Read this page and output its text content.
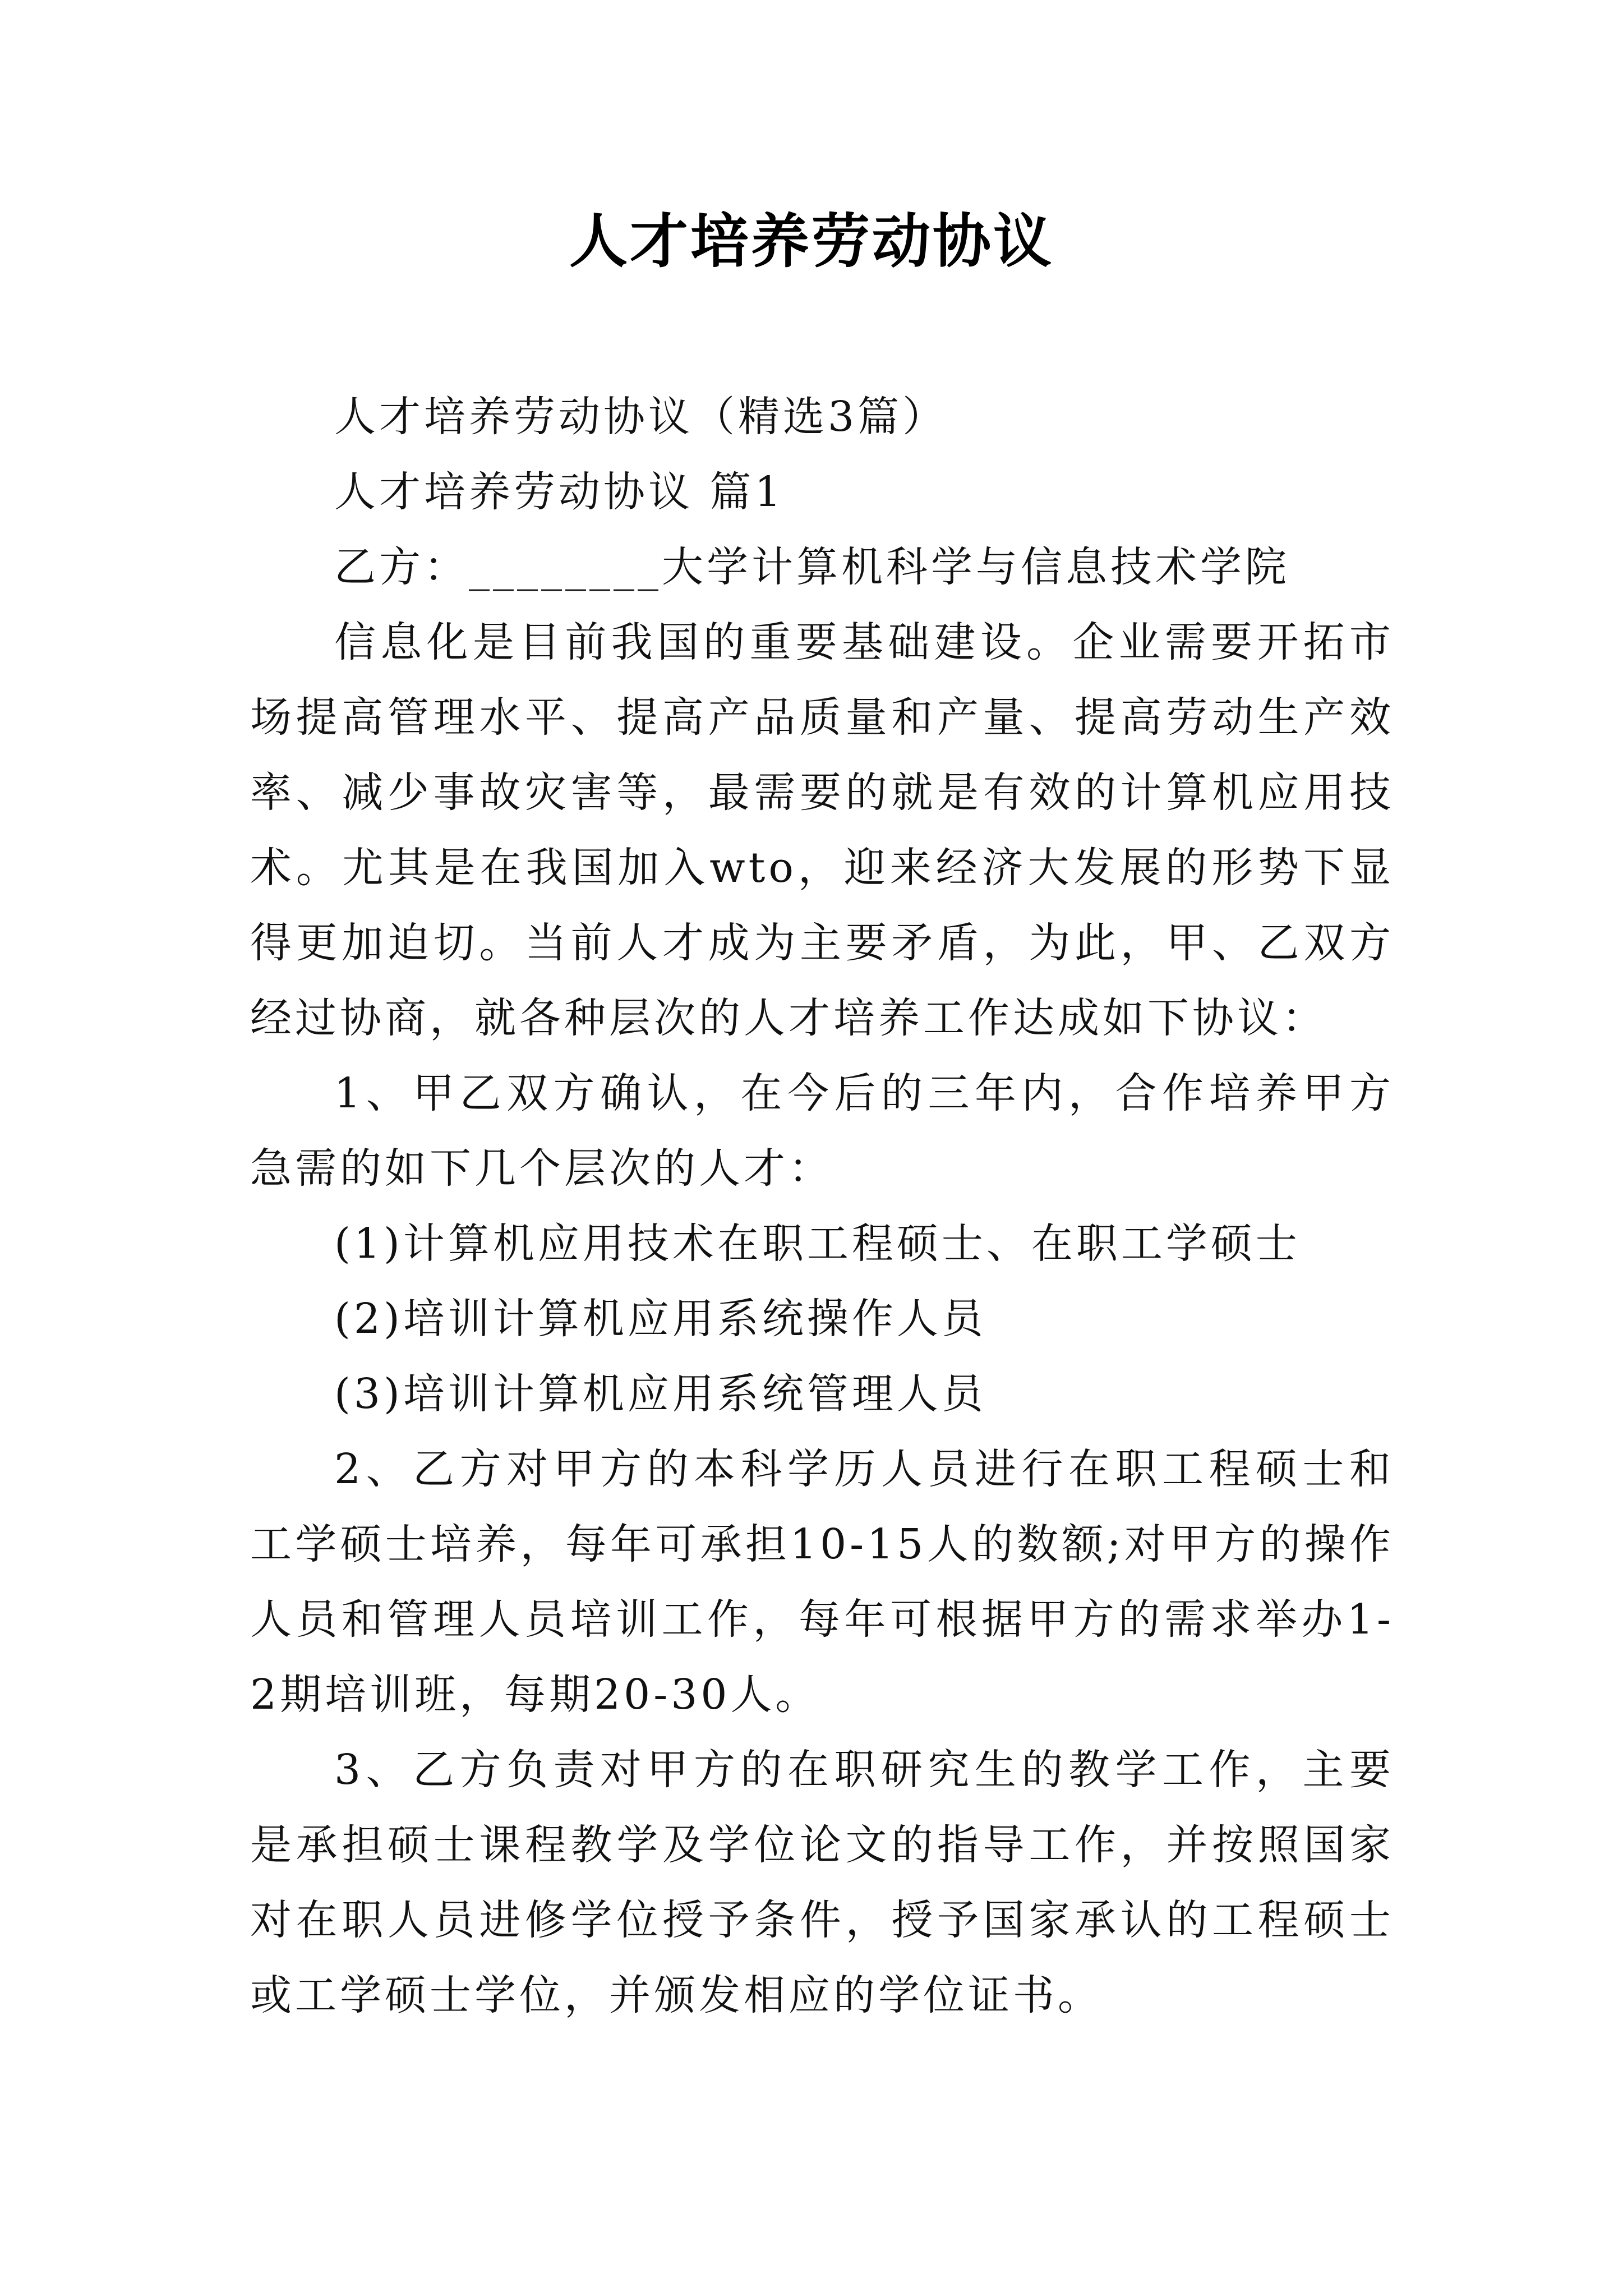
人才培养劳动协议

人才培养劳动协议（精选3篇）

人才培养劳动协议 篇1

乙方：________大学计算机科学与信息技术学院

信息化是目前我国的重要基础建设。企业需要开拓市场提高管理水平、提高产品质量和产量、提高劳动生产效率、减少事故灾害等，最需要的就是有效的计算机应用技术。尤其是在我国加入wto，迎来经济大发展的形势下显得更加迫切。当前人才成为主要矛盾，为此，甲、乙双方经过协商，就各种层次的人才培养工作达成如下协议：

1、甲乙双方确认，在今后的三年内，合作培养甲方急需的如下几个层次的人才：

(1)计算机应用技术在职工程硕士、在职工学硕士

(2)培训计算机应用系统操作人员

(3)培训计算机应用系统管理人员

2、乙方对甲方的本科学历人员进行在职工程硕士和工学硕士培养，每年可承担10-15人的数额;对甲方的操作人员和管理人员培训工作，每年可根据甲方的需求举办1-2期培训班，每期20-30人。

3、乙方负责对甲方的在职研究生的教学工作，主要是承担硕士课程教学及学位论文的指导工作，并按照国家对在职人员进修学位授予条件，授予国家承认的工程硕士或工学硕士学位，并颁发相应的学位证书。
